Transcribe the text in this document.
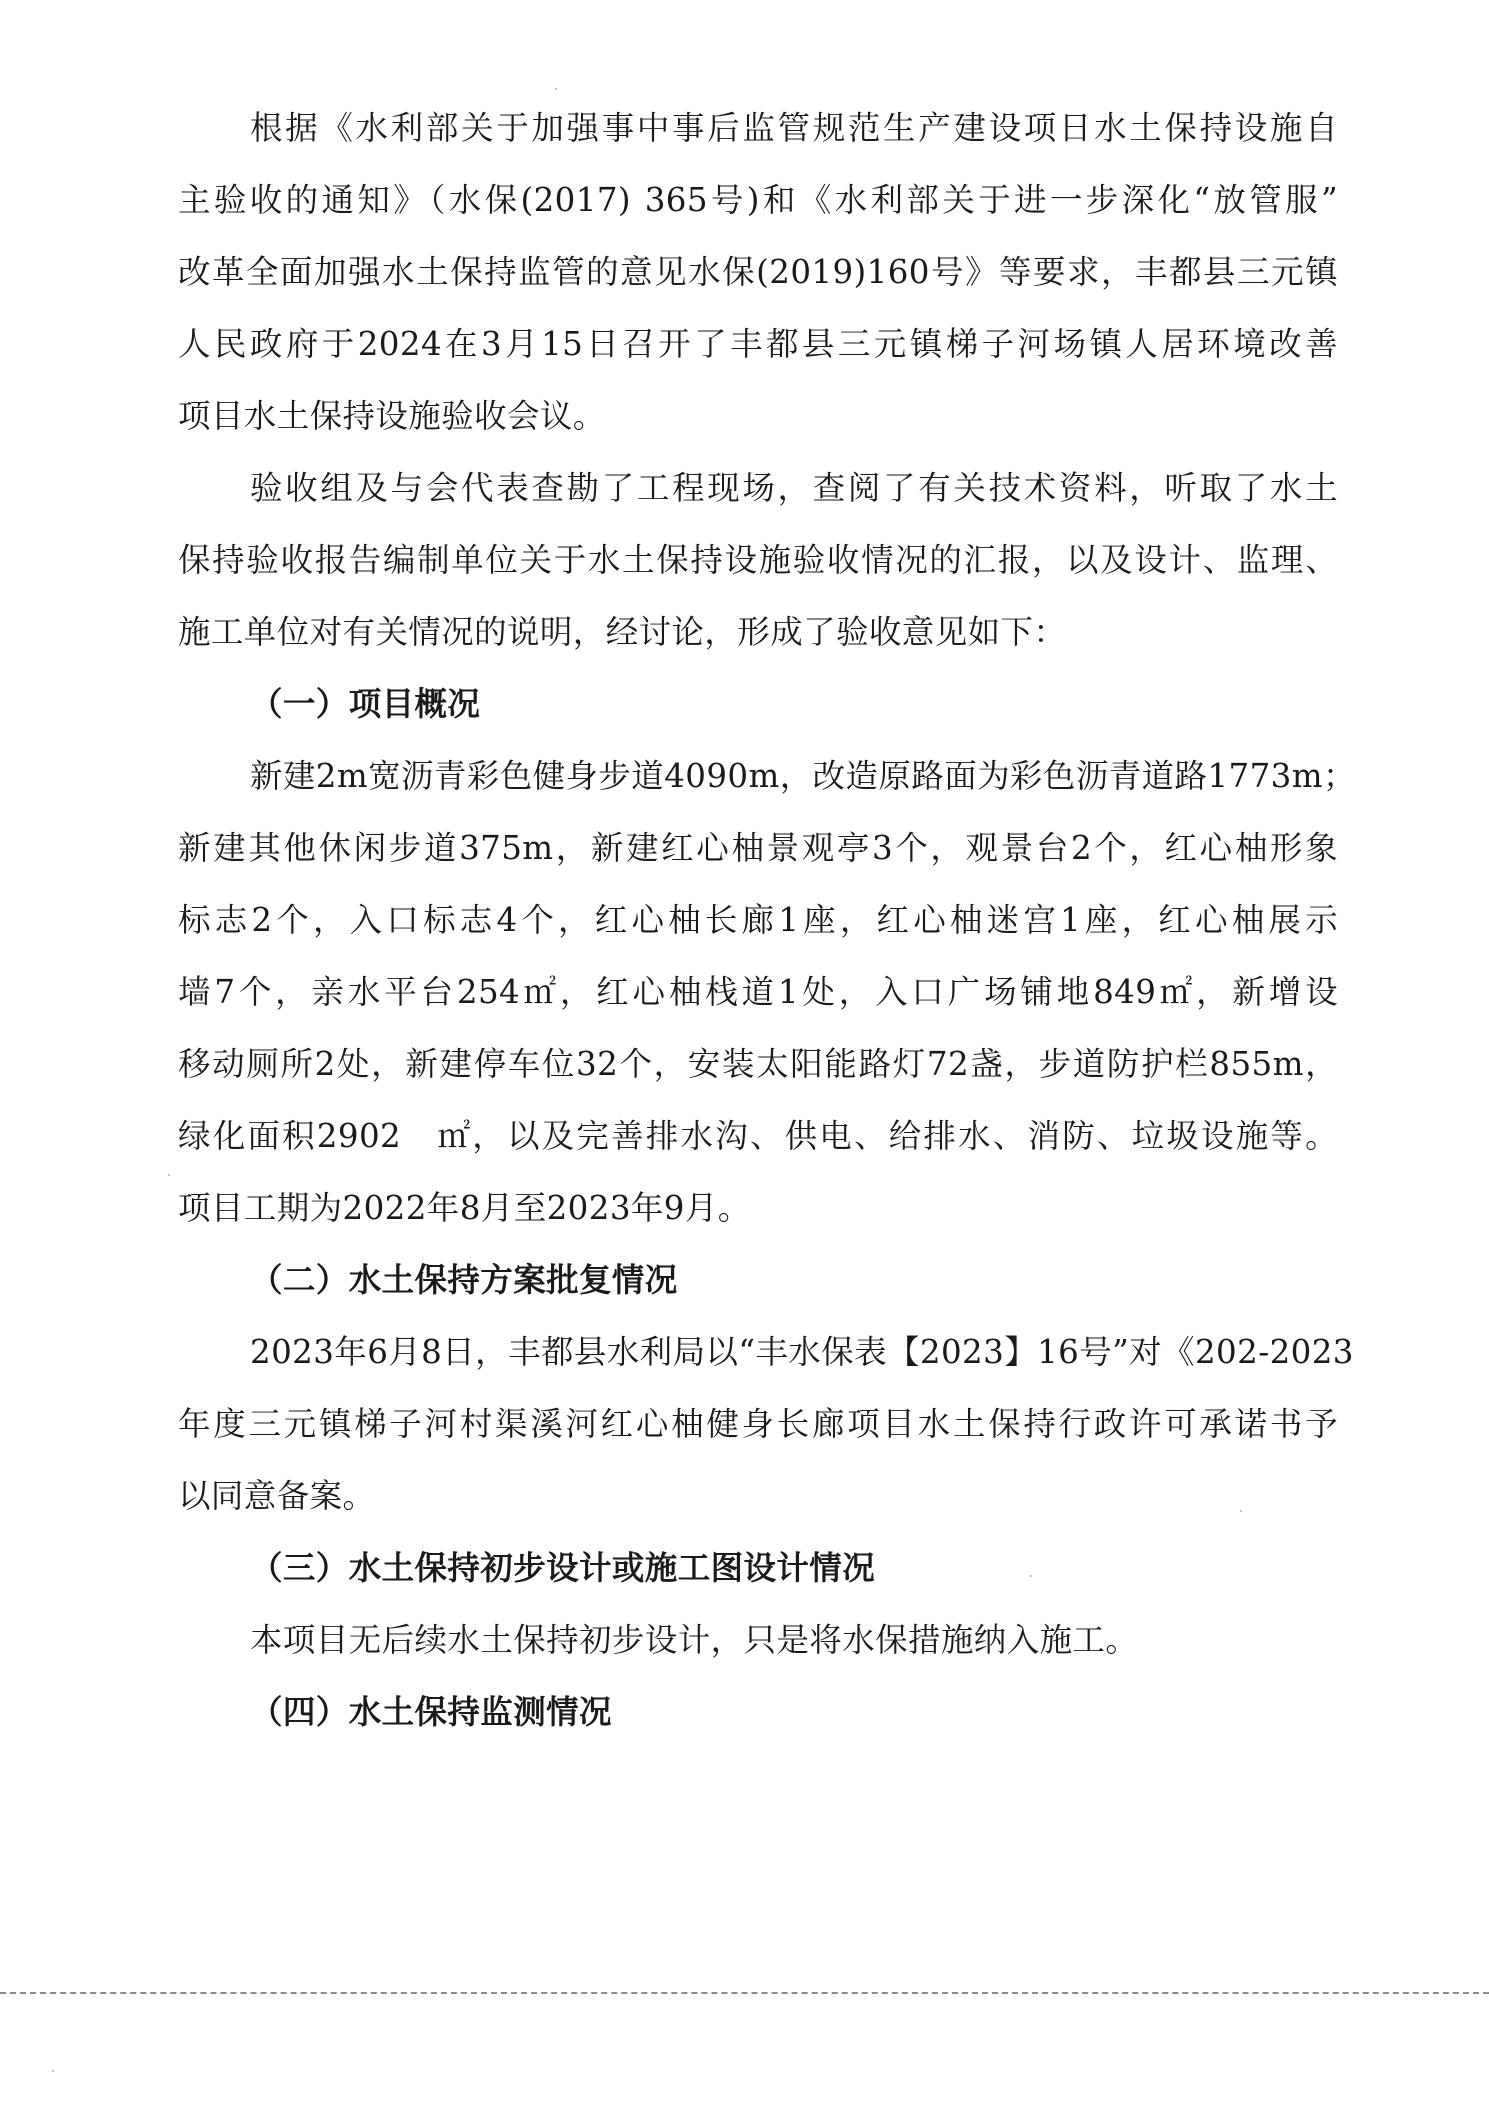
根据《水利部关于加强事中事后监管规范生产建设项日水土保持设施自
主验收的通知》（水保(2017) 365号)和《水利部关于进一步深化“放管服”
改革全面加强水土保持监管的意见水保(2019)160号》等要求，丰都县三元镇
人民政府于2024在3月15日召开了丰都县三元镇梯子河场镇人居环境改善
项目水土保持设施验收会议。
验收组及与会代表查勘了工程现场，查阅了有关技术资料，听取了水土
保持验收报告编制单位关于水土保持设施验收情况的汇报，以及设计、监理、
施工单位对有关情况的说明，经讨论，形成了验收意见如下：
（一）项目概况
新建2m宽沥青彩色健身步道4090m，改造原路面为彩色沥青道路1773m；
新建其他休闲步道375m，新建红心柚景观亭3个，观景台2个，红心柚形象
标志2个，入口标志4个，红心柚长廊1座，红心柚迷宫1座，红心柚展示
墙7个，亲水平台254㎡，红心柚栈道1处，入口广场铺地849㎡，新增设
移动厕所2处，新建停车位32个，安装太阳能路灯72盏，步道防护栏855m，
绿化面积2902　㎡，以及完善排水沟、供电、给排水、消防、垃圾设施等。
项目工期为2022年8月至2023年9月。
（二）水土保持方案批复情况
2023年6月8日，丰都县水利局以“丰水保表【2023】16号”对《202-2023
年度三元镇梯子河村渠溪河红心柚健身长廊项目水土保持行政许可承诺书予
以同意备案。
（三）水土保持初步设计或施工图设计情况
本项目无后续水土保持初步设计，只是将水保措施纳入施工。
（四）水土保持监测情况
